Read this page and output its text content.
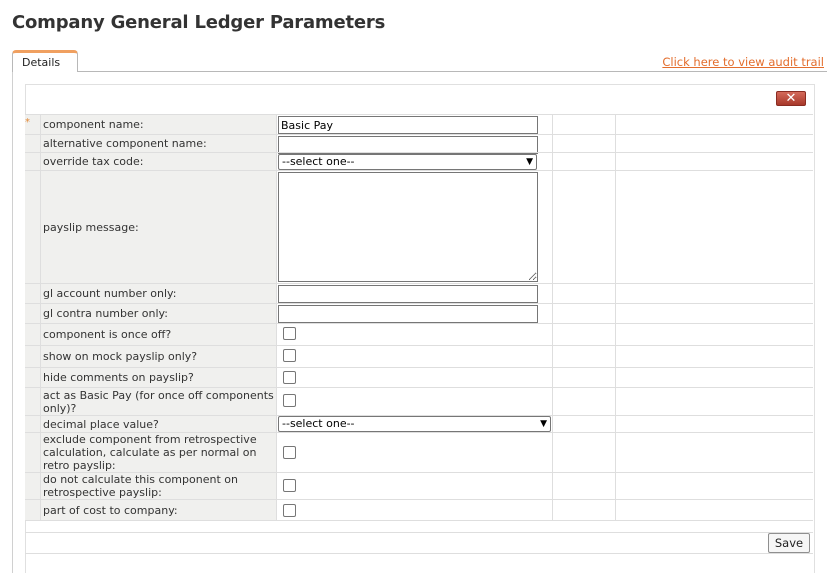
Company General Ledger Parameters
Details	Click here to view audit trail
✕
* component name:
Basic Pay
alternative component name:
override tax code:	--select one--	▼
payslip message:
gl account number only:
gl contra number only:
component is once off?
show on mock payslip only?
hide comments on payslip?
act as Basic Pay (for once off components only)?
decimal place value?	--select one--	▼
exclude component from retrospective calculation, calculate as per normal on retro payslip:
do not calculate this component on retrospective payslip:
part of cost to company:
Save
